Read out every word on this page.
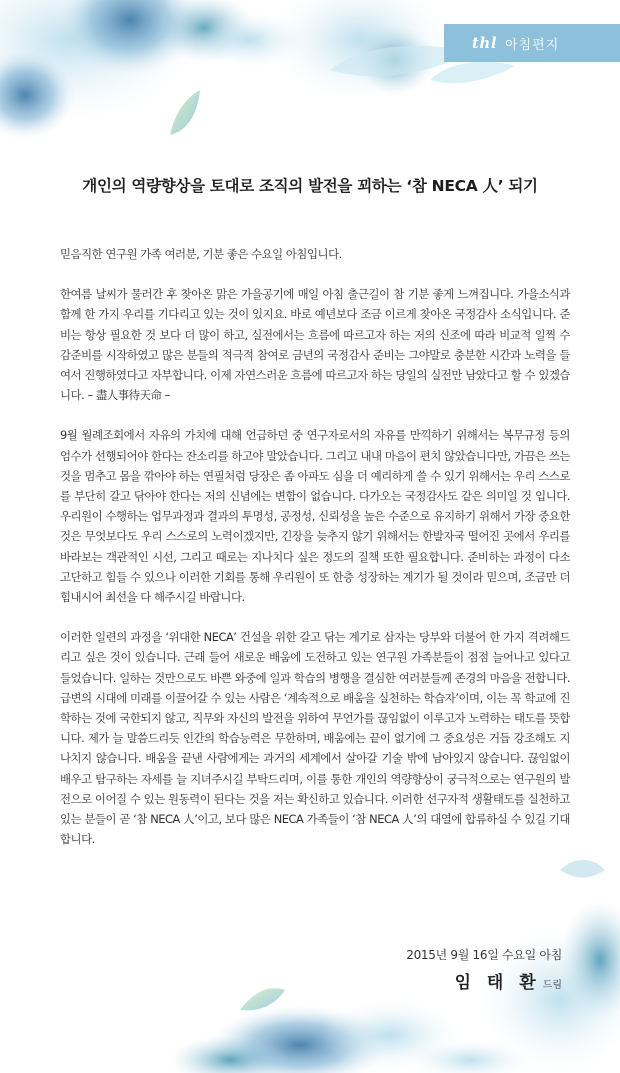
thl 아침편지
개인의 역량향상을 토대로 조직의 발전을 꾀하는 ‘참 NECA 人’ 되기

믿음직한 연구원 가족 여러분, 기분 좋은 수요일 아침입니다.

한여름 날씨가 물러간 후 찾아온 맑은 가을공기에 매일 아침 출근길이 참 기분 좋게 느껴집니다. 가을소식과 함께 한 가지 우리를 기다리고 있는 것이 있지요. 바로 예년보다 조금 이르게 찾아온 국정감사 소식입니다. 준비는 항상 필요한 것 보다 더 많이 하고, 실전에서는 흐름에 따르고자 하는 저의 신조에 따라 비교적 일찍 수감준비를 시작하였고 많은 분들의 적극적 참여로 금년의 국정감사 준비는 그야말로 충분한 시간과 노력을 들여서 진행하였다고 자부합니다. 이제 자연스러운 흐름에 따르고자 하는 당일의 실전만 남았다고 할 수 있겠습니다. – 盡人事待天命 –

9월 월례조회에서 자유의 가치에 대해 언급하던 중 연구자로서의 자유를 만끽하기 위해서는 복무규정 등의 엄수가 선행되어야 한다는 잔소리를 하고야 말았습니다. 그리고 내내 마음이 편치 않았습니다만, 가끔은 쓰는 것을 멈추고 몸을 깎아야 하는 연필처럼 당장은 좀 아파도 심을 더 예리하게 쓸 수 있기 위해서는 우리 스스로를 부단히 갈고 닦아야 한다는 저의 신념에는 변함이 없습니다. 다가오는 국정감사도 같은 의미일 것 입니다. 우리원이 수행하는 업무과정과 결과의 투명성, 공정성, 신뢰성을 높은 수준으로 유지하기 위해서 가장 중요한 것은 무엇보다도 우리 스스로의 노력이겠지만, 긴장을 늦추지 않기 위해서는 한발자국 떨어진 곳에서 우리를 바라보는 객관적인 시선, 그리고 때로는 지나치다 싶은 정도의 질책 또한 필요합니다. 준비하는 과정이 다소 고단하고 힘들 수 있으나 이러한 기회를 통해 우리원이 또 한층 성장하는 계기가 될 것이라 믿으며, 조금만 더 힘내시어 최선을 다 해주시길 바랍니다.

이러한 일련의 과정을 ‘위대한 NECA’ 건설을 위한 갈고 닦는 계기로 삼자는 당부와 더불어 한 가지 격려해드리고 싶은 것이 있습니다. 근래 들어 새로운 배움에 도전하고 있는 연구원 가족분들이 점점 늘어나고 있다고 들었습니다. 일하는 것만으로도 바쁜 와중에 일과 학습의 병행을 결심한 여러분들께 존경의 마음을 전합니다. 급변의 시대에 미래를 이끌어갈 수 있는 사람은 ‘계속적으로 배움을 실천하는 학습자’이며, 이는 꼭 학교에 진학하는 것에 국한되지 않고, 직무와 자신의 발전을 위하여 무언가를 끊임없이 이루고자 노력하는 태도를 뜻합니다. 제가 늘 말씀드리듯 인간의 학습능력은 무한하며, 배움에는 끝이 없기에 그 중요성은 거듭 강조해도 지나치지 않습니다. 배움을 끝낸 사람에게는 과거의 세계에서 살아갈 기술 밖에 남아있지 않습니다. 끊임없이 배우고 탐구하는 자세를 늘 지녀주시길 부탁드리며, 이를 통한 개인의 역량향상이 궁극적으로는 연구원의 발전으로 이어질 수 있는 원동력이 된다는 것을 저는 확신하고 있습니다. 이러한 선구자적 생활태도를 실천하고 있는 분들이 곧 ‘참 NECA 人’이고, 보다 많은 NECA 가족들이 ‘참 NECA 人’의 대열에 합류하실 수 있길 기대합니다.

2015년 9월 16일 수요일 아침
임 태 환 드림
